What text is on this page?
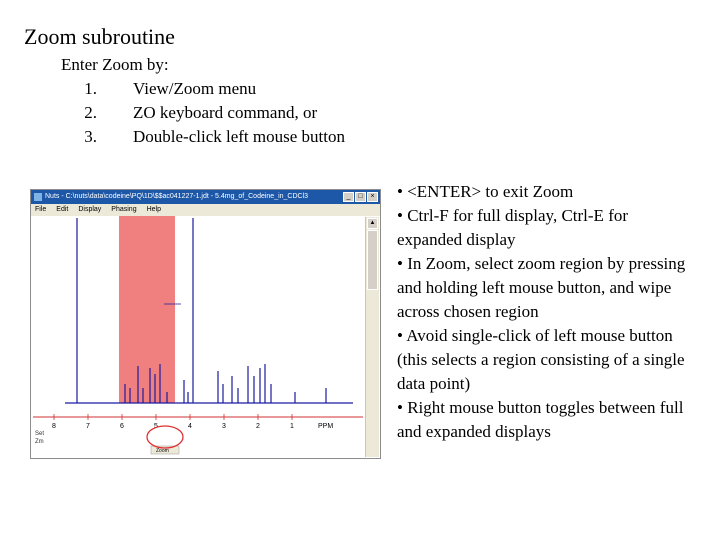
Zoom subroutine
Enter Zoom by:
1.	View/Zoom menu
2.	ZO keyboard command, or
3.	Double-click left mouse button
Nuts - C:\nuts\data\codeine\PQ\1D\$$ac041227-1.jdt - 5.4mg_of_Codeine_in_CDCl3	_	□	×
File Edit Display Phasing Help
8	7	6	5	4	3	2	1	PPM
Set
Zm
Zoom
▲

• <ENTER> to exit Zoom

• Ctrl-F for full display, Ctrl-E for expanded display

• In Zoom, select zoom region by pressing and holding left mouse button, and wipe across chosen region

• Avoid single-click of left mouse button (this selects a region consisting of a single data point)

• Right mouse button toggles between full and expanded displays
